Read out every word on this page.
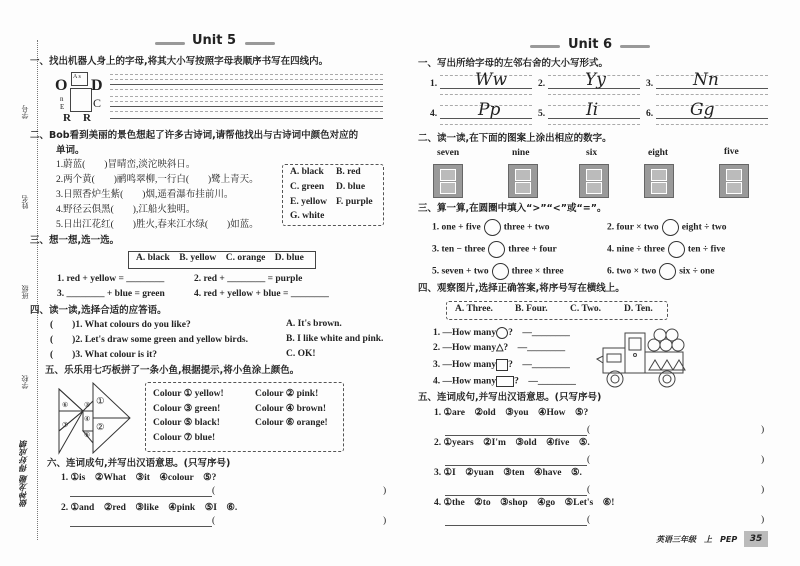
学号
姓名
班级
学校
做神龙题 得好成绩
Unit 5
一、找出机器人身上的字母,将其大小写按照字母表顺序书写在四线内。
A s
O
n
E
D
C
R R
二、Bob看到美丽的景色想起了许多古诗词,请帮他找出与古诗词中颜色对应的
单词。
1.蔚蓝(　　)冒晴峦,淡沱映斜日。
2.两个黄(　　)鹂鸣翠柳,一行白(　　)鹭上青天。
3.日照香炉生紫(　　)烟,遥看瀑布挂前川。
4.野径云俱黑(　　),江船火独明。
5.日出江花红(　　)胜火,春来江水绿(　　)如蓝。
A. black B. red
C. green D. blue
E. yellow F. purple
G. white
三、想一想,选一选。
A. black　B. yellow　C. orange　D. blue
1. red + yellow = ________	2. red + ________ = purple
3. ________ + blue = green	4. red + yellow + blue = ________
四、读一读,选择合适的应答语。
(　　)1. What colours do you like?
(　　)2. Let's draw some green and yellow birds.
(　　)3. What colour is it?
A. It's brown.
B. I like white and pink.
C. OK!
五、乐乐用七巧板拼了一条小鱼,根据提示,将小鱼涂上颜色。
①
②
③
④
⑤
⑥
⑦
Colour ① yellow!	Colour ② pink!
Colour ③ green!	Colour ④ brown!
Colour ⑤ black!	Colour ⑥ orange!
Colour ⑦ blue!
六、连词成句,并写出汉语意思。(只写序号)
1. ①is　②What　③it　④colour　⑤?
(	)
2. ①and　②red　③like　④pink　⑤I　⑥.
(	)
Unit 6
一、写出所给字母的左邻右舍的大小写形式。
1. Ww	2. Yy	3. Nn
4. Pp	5. Ii	6. Gg
二、读一读,在下面的图案上涂出相应的数字。
seven	nine	six	eight	five
三、算一算,在圆圈中填入“>”“<”或“=”。
1. one + five three + two	2. four × two eight ÷ two
3. ten − three three + four	4. nine ÷ three ten ÷ five
5. seven + two three × three	6. two × two six ÷ one
四、观察图片,选择正确答案,将序号写在横线上。
A. Three. B. Four. C. Two. D. Ten.
1. —How many ?　 —________
2. —How many△?　 —________
3. —How many ?　 —________
4. —How many ?　 —________
五、连词成句,并写出汉语意思。(只写序号)
1. ①are　②old　③you　④How　⑤?
(	)
2. ①years　②I'm　③old　④five　⑤.
(	)
3. ①I　②yuan　③ten　④have　⑤.
(	)
4. ①the　②to　③shop　④go　⑤Let's　⑥!
(	)
英语三年级　上　PEP	35
